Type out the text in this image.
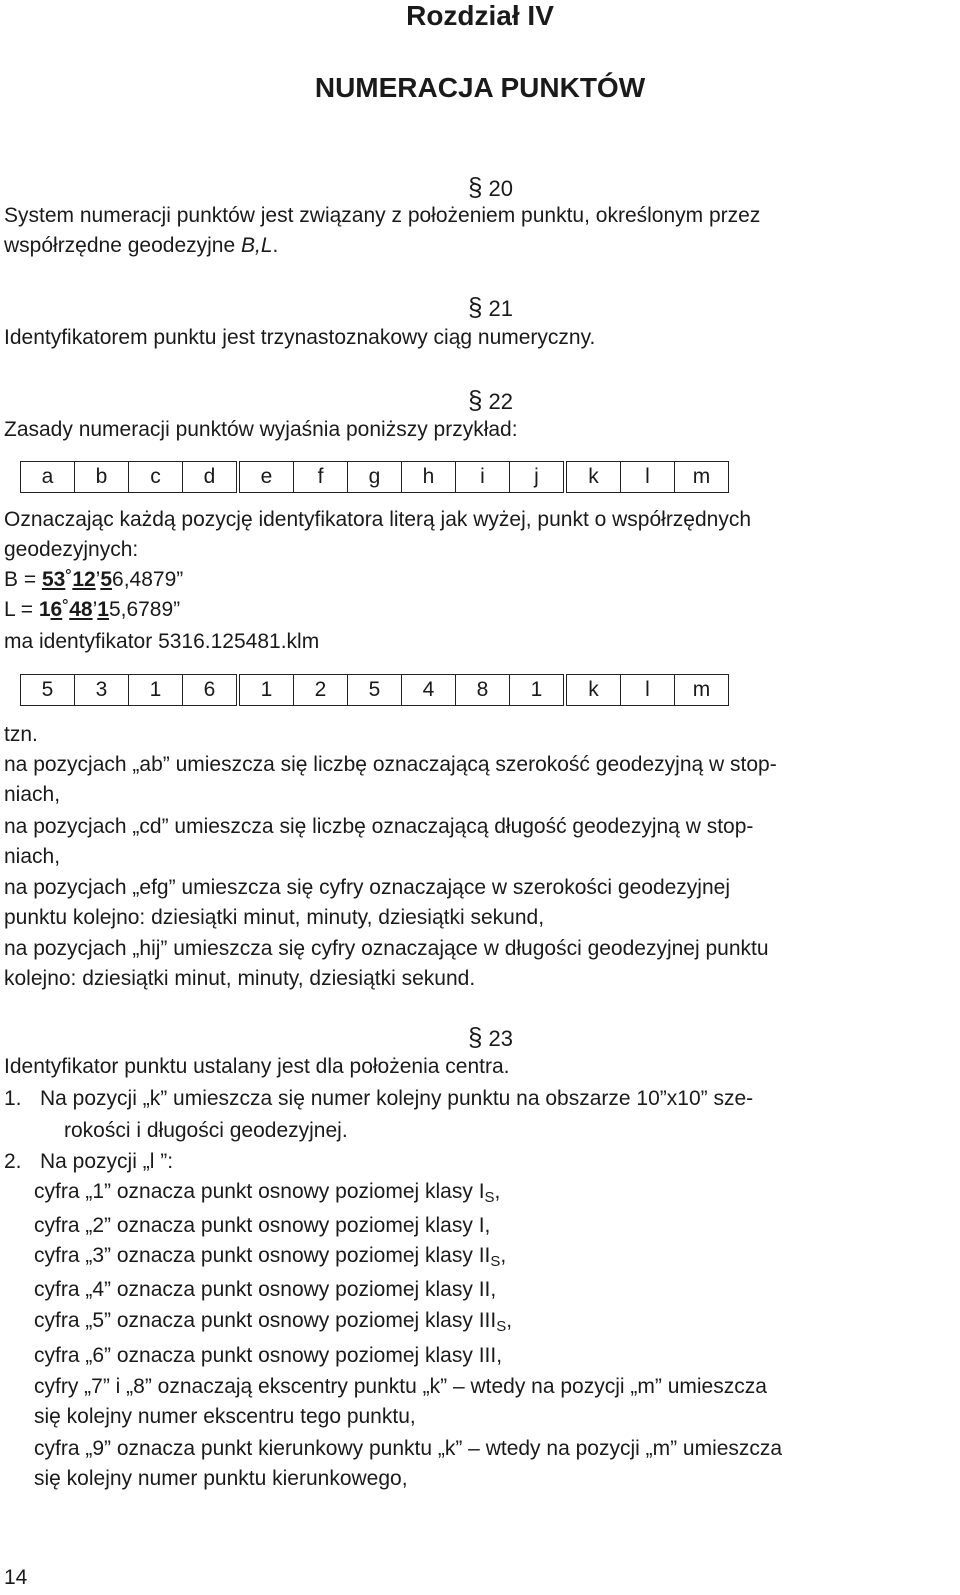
Rozdział IV
NUMERACJA PUNKTÓW
§ 20
System numeracji punktów jest związany z położeniem punktu, określonym przez
współrzędne geodezyjne B,L.
§ 21
Identyfikatorem punktu jest trzynastoznakowy ciąg numeryczny.
§ 22
Zasady numeracji punktów wyjaśnia poniższy przykład:
a	b	c	d	e	f	g	h	i	j	k	l	m
Oznaczając każdą pozycję identyfikatora literą jak wyżej, punkt o współrzędnych
geodezyjnych:
B = 53˚12’56,4879”
L = 16˚48’15,6789”
ma identyfikator 5316.125481.klm
5	3	1	6	1	2	5	4	8	1	k	l	m
tzn.
na pozycjach „ab” umieszcza się liczbę oznaczającą szerokość geodezyjną w stop-
niach,
na pozycjach „cd” umieszcza się liczbę oznaczającą długość geodezyjną w stop-
niach,
na pozycjach „efg” umieszcza się cyfry oznaczające w szerokości geodezyjnej
punktu kolejno: dziesiątki minut, minuty, dziesiątki sekund,
na pozycjach „hij” umieszcza się cyfry oznaczające w długości geodezyjnej punktu
kolejno: dziesiątki minut, minuty, dziesiątki sekund.
§ 23
Identyfikator punktu ustalany jest dla położenia centra.
1. Na pozycji „k” umieszcza się numer kolejny punktu na obszarze 10”x10” sze-
rokości i długości geodezyjnej.
2. Na pozycji „l ”:
cyfra „1” oznacza punkt osnowy poziomej klasy $I_S$,
cyfra „2” oznacza punkt osnowy poziomej klasy I,
cyfra „3” oznacza punkt osnowy poziomej klasy $II_S$,
cyfra „4” oznacza punkt osnowy poziomej klasy II,
cyfra „5” oznacza punkt osnowy poziomej klasy $III_S$,
cyfra „6” oznacza punkt osnowy poziomej klasy III,
cyfry „7” i „8” oznaczają ekscentry punktu „k” – wtedy na pozycji „m” umieszcza
się kolejny numer ekscentru tego punktu,
cyfra „9” oznacza punkt kierunkowy punktu „k” – wtedy na pozycji „m” umieszcza
się kolejny numer punktu kierunkowego,
14
